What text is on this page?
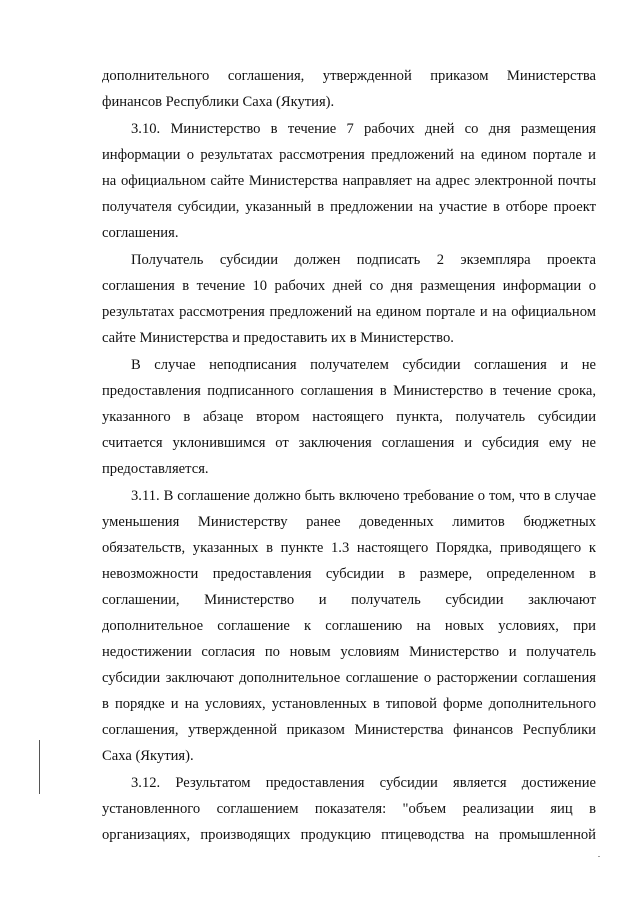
дополнительного соглашения, утвержденной приказом Министерства
финансов Республики Саха (Якутия).
3.10. Министерство в течение 7 рабочих дней со дня размещения
информации о результатах рассмотрения предложений на едином портале и
на официальном сайте Министерства направляет на адрес электронной почты
получателя субсидии, указанный в предложении на участие в отборе проект
соглашения.
Получатель субсидии должен подписать 2 экземпляра проекта
соглашения в течение 10 рабочих дней со дня размещения информации о
результатах рассмотрения предложений на едином портале и на официальном
сайте Министерства и предоставить их в Министерство.
В случае неподписания получателем субсидии соглашения и не
предоставления подписанного соглашения в Министерство в течение срока,
указанного в абзаце втором настоящего пункта, получатель субсидии
считается уклонившимся от заключения соглашения и субсидия ему не
предоставляется.
3.11. В соглашение должно быть включено требование о том, что в случае
уменьшения Министерству ранее доведенных лимитов бюджетных
обязательств, указанных в пункте 1.3 настоящего Порядка, приводящего к
невозможности предоставления субсидии в размере, определенном в
соглашении, Министерство и получатель субсидии заключают
дополнительное соглашение к соглашению на новых условиях, при
недостижении согласия по новым условиям Министерство и получатель
субсидии заключают дополнительное соглашение о расторжении соглашения
в порядке и на условиях, установленных в типовой форме дополнительного
соглашения, утвержденной приказом Министерства финансов Республики
Саха (Якутия).
3.12. Результатом предоставления субсидии является достижение
установленного соглашением показателя: "объем реализации яиц в
организациях, производящих продукцию птицеводства на промышленной
